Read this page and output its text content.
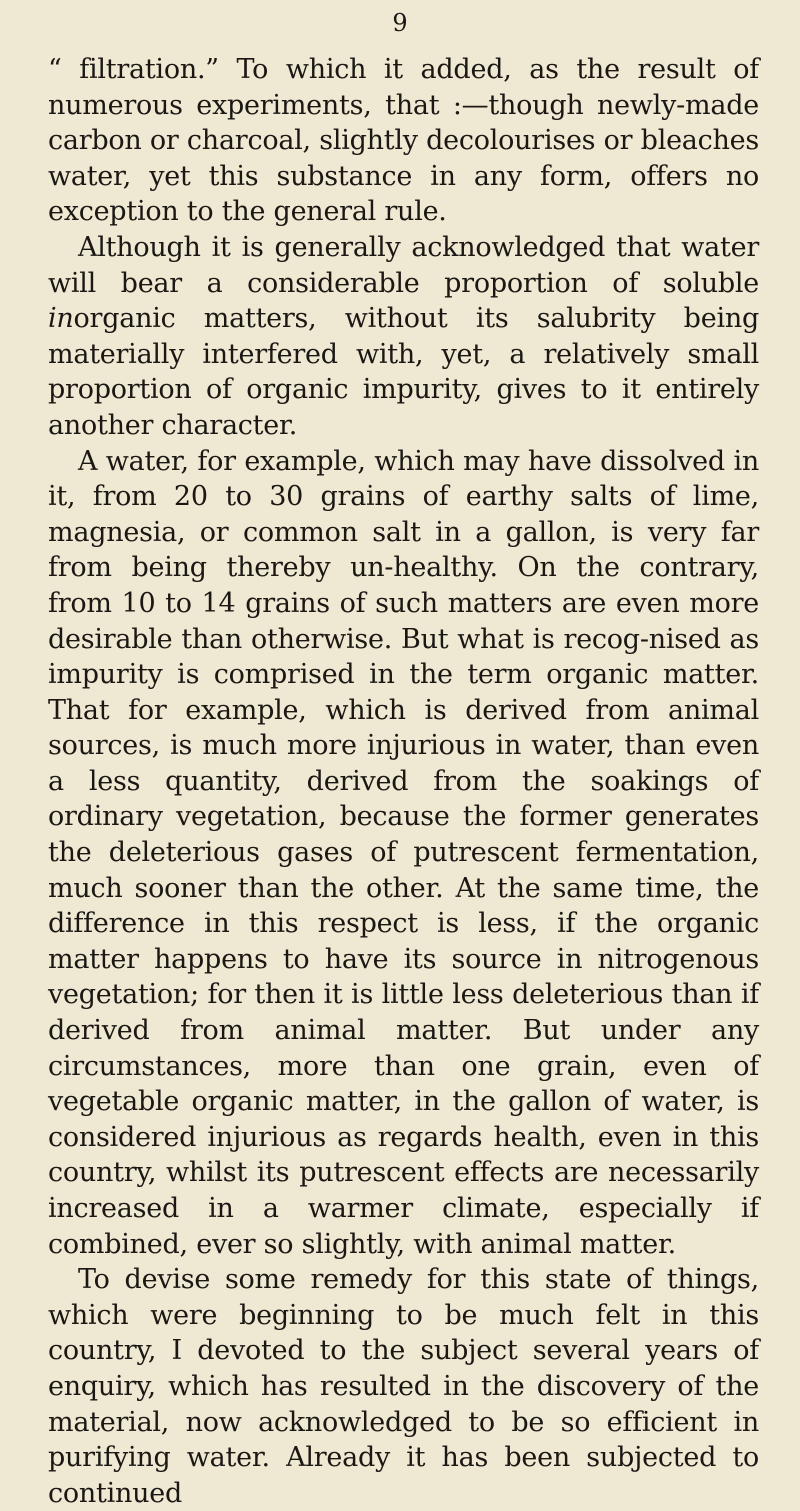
9

“ filtration.” To which it added, as the result of numerous experiments, that :—though newly-made carbon or charcoal, slightly decolourises or bleaches water, yet this substance in any form, offers no exception to the general rule.

Although it is generally acknowledged that water will bear a considerable proportion of soluble inorganic matters, without its salubrity being materially interfered with, yet, a relatively small proportion of organic impurity, gives to it entirely another character.

A water, for example, which may have dissolved in it, from 20 to 30 grains of earthy salts of lime, magnesia, or common salt in a gallon, is very far from being thereby un-healthy. On the contrary, from 10 to 14 grains of such matters are even more desirable than otherwise. But what is recog-nised as impurity is comprised in the term organic matter. That for example, which is derived from animal sources, is much more injurious in water, than even a less quantity, derived from the soakings of ordinary vegetation, because the former generates the deleterious gases of putrescent fermentation, much sooner than the other. At the same time, the difference in this respect is less, if the organic matter happens to have its source in nitrogenous vegetation; for then it is little less deleterious than if derived from animal matter. But under any circumstances, more than one grain, even of vegetable organic matter, in the gallon of water, is considered injurious as regards health, even in this country, whilst its putrescent effects are necessarily increased in a warmer climate, especially if combined, ever so slightly, with animal matter.

To devise some remedy for this state of things, which were beginning to be much felt in this country, I devoted to the subject several years of enquiry, which has resulted in the discovery of the material, now acknowledged to be so efficient in purifying water. Already it has been subjected to continued
